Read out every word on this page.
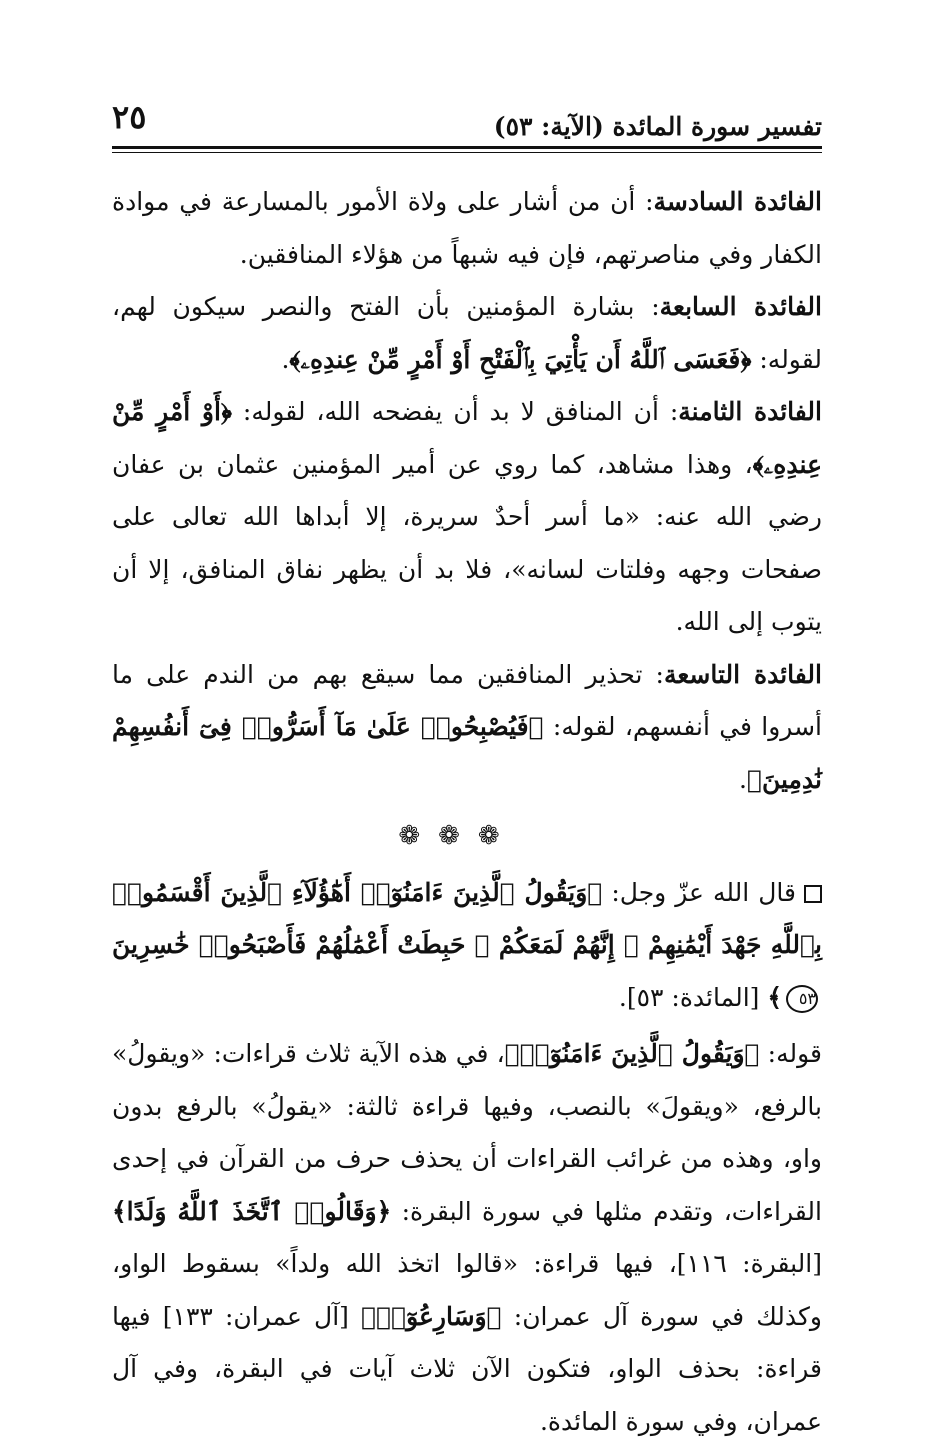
تفسير سورة المائدة (الآية: ٥٣)
٢٥

الفائدة السادسة: أن من أشار على ولاة الأمور بالمسارعة في موادة الكفار وفي مناصرتهم، فإن فيه شبهاً من هؤلاء المنافقين.

الفائدة السابعة: بشارة المؤمنين بأن الفتح والنصر سيكون لهم، لقوله: ﴿فَعَسَى ٱللَّهُ أَن يَأْتِيَ بِٱلْفَتْحِ أَوْ أَمْرٍ مِّنْ عِندِهِۦ﴾.

الفائدة الثامنة: أن المنافق لا بد أن يفضحه الله، لقوله: ﴿أَوْ أَمْرٍ مِّنْ عِندِهِۦ﴾، وهذا مشاهد، كما روي عن أمير المؤمنين عثمان بن عفان رضي الله عنه: «ما أسر أحدٌ سريرة، إلا أبداها الله تعالى على صفحات وجهه وفلتات لسانه»، فلا بد أن يظهر نفاق المنافق، إلا أن يتوب إلى الله.

الفائدة التاسعة: تحذير المنافقين مما سيقع بهم من الندم على ما أسروا في أنفسهم، لقوله: ﴿فَيُصْبِحُوا۟ عَلَىٰ مَآ أَسَرُّوا۟ فِىٓ أَنفُسِهِمْ نَٰدِمِينَ﴾.

❁❁❁

قال الله عزّ وجل: ﴿وَيَقُولُ ٱلَّذِينَ ءَامَنُوٓا۟ أَهَٰٓؤُلَآءِ ٱلَّذِينَ أَقْسَمُوا۟ بِٱللَّهِ جَهْدَ أَيْمَٰنِهِمْ ۙ إِنَّهُمْ لَمَعَكُمْ ۚ حَبِطَتْ أَعْمَٰلُهُمْ فَأَصْبَحُوا۟ خَٰسِرِينَ٥٣﴾ [المائدة: ٥٣].

قوله: ﴿وَيَقُولُ ٱلَّذِينَ ءَامَنُوٓا۟﴾، في هذه الآية ثلاث قراءات: «ويقولُ» بالرفع، «ويقولَ» بالنصب، وفيها قراءة ثالثة: «يقولُ» بالرفع بدون واو، وهذه من غرائب القراءات أن يحذف حرف من القرآن في إحدى القراءات، وتقدم مثلها في سورة البقرة: ﴿وَقَالُوا۟ ٱتَّخَذَ ٱللَّهُ وَلَدًا﴾ [البقرة: ١١٦]، فيها قراءة: «قالوا اتخذ الله ولداً» بسقوط الواو، وكذلك في سورة آل عمران: ﴿وَسَارِعُوٓا۟﴾ [آل عمران: ١٣٣] فيها قراءة: بحذف الواو، فتكون الآن ثلاث آيات في البقرة، وفي آل عمران، وفي سورة المائدة.
